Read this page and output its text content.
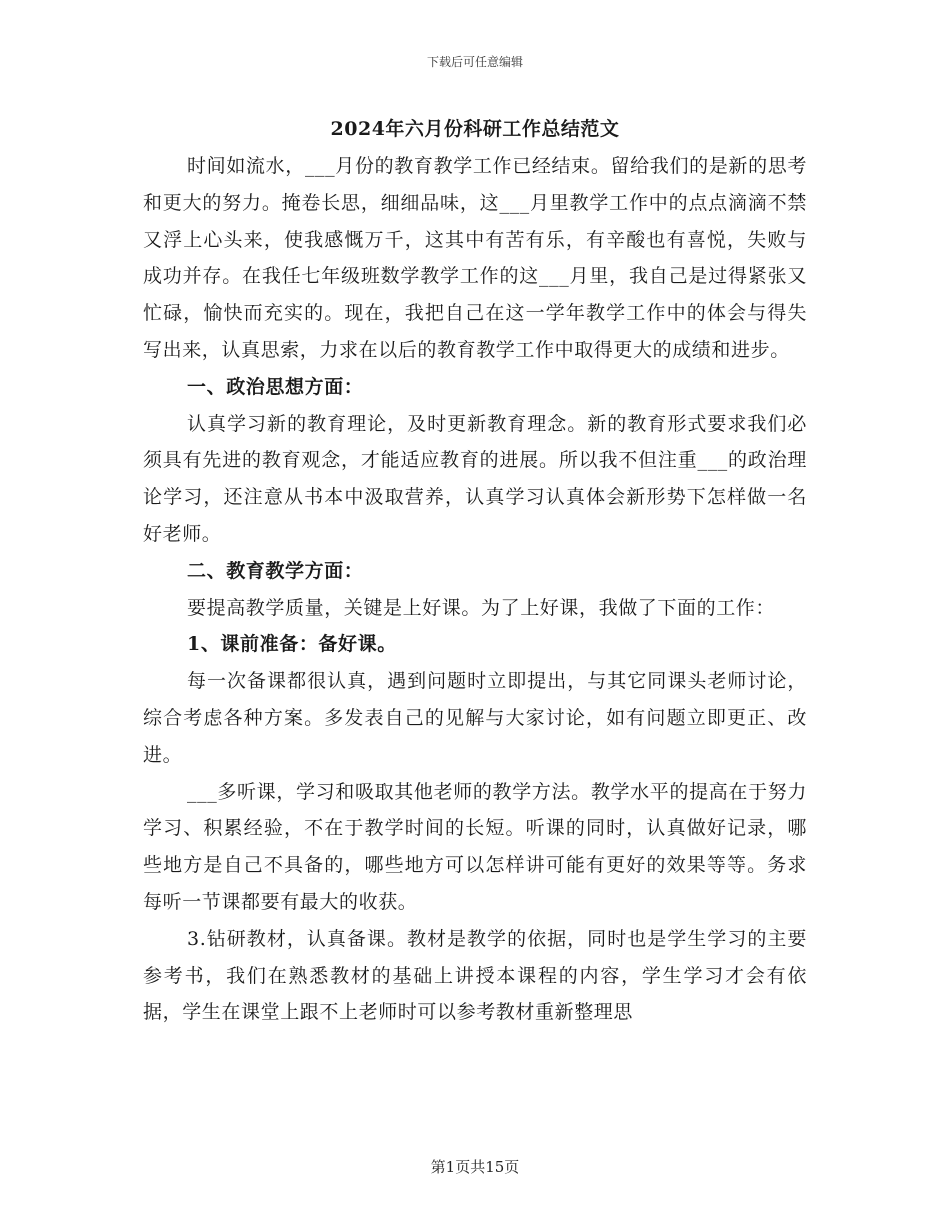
下载后可任意编辑
2024年六月份科研工作总结范文

时间如流水，___月份的教育教学工作已经结束。留给我们的是新的思考和更大的努力。掩卷长思，细细品味，这___月里教学工作中的点点滴滴不禁又浮上心头来，使我感慨万千，这其中有苦有乐，有辛酸也有喜悦，失败与成功并存。在我任七年级班数学教学工作的这___月里，我自己是过得紧张又忙碌，愉快而充实的。现在，我把自己在这一学年教学工作中的体会与得失写出来，认真思索，力求在以后的教育教学工作中取得更大的成绩和进步。

一、政治思想方面：

认真学习新的教育理论，及时更新教育理念。新的教育形式要求我们必须具有先进的教育观念，才能适应教育的进展。所以我不但注重___的政治理论学习，还注意从书本中汲取营养，认真学习认真体会新形势下怎样做一名好老师。

二、教育教学方面：

要提高教学质量，关键是上好课。为了上好课，我做了下面的工作：

1、课前准备：备好课。

每一次备课都很认真，遇到问题时立即提出，与其它同课头老师讨论，综合考虑各种方案。多发表自己的见解与大家讨论，如有问题立即更正、改进。

___多听课，学习和吸取其他老师的教学方法。教学水平的提高在于努力学习、积累经验，不在于教学时间的长短。听课的同时，认真做好记录，哪些地方是自己不具备的，哪些地方可以怎样讲可能有更好的效果等等。务求每听一节课都要有最大的收获。

3.钻研教材，认真备课。教材是教学的依据，同时也是学生学习的主要参考书，我们在熟悉教材的基础上讲授本课程的内容，学生学习才会有依据，学生在课堂上跟不上老师时可以参考教材重新整理思

第1页共15页
